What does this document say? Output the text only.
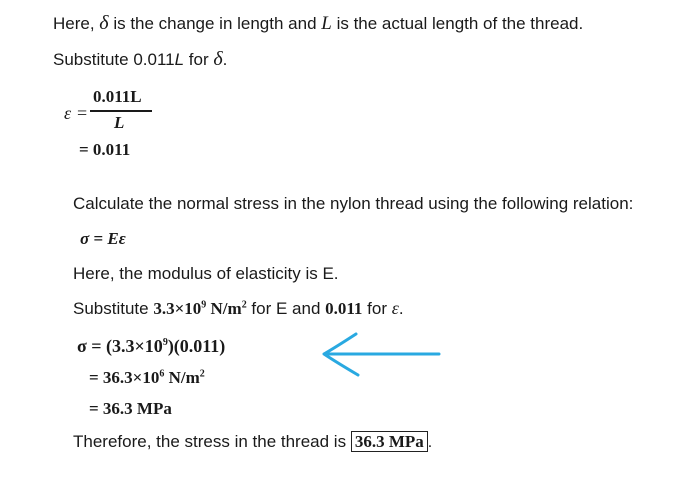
Here, δ is the change in length and L is the actual length of the thread.
Substitute 0.011L for δ.
ε =
0.011L
L
= 0.011
Calculate the normal stress in the nylon thread using the following relation:
σ = Eε
Here, the modulus of elasticity is E.
Substitute $3.3\times 10^9$ $N/m^2$ for E and 0.011 for ε.
$\sigma = (3.3\times 10^9)(0.011)$
= $36.3\times 10^6$ $N/m^2$
= 36.3 MPa
Therefore, the stress in the thread is 36.3 MPa .
